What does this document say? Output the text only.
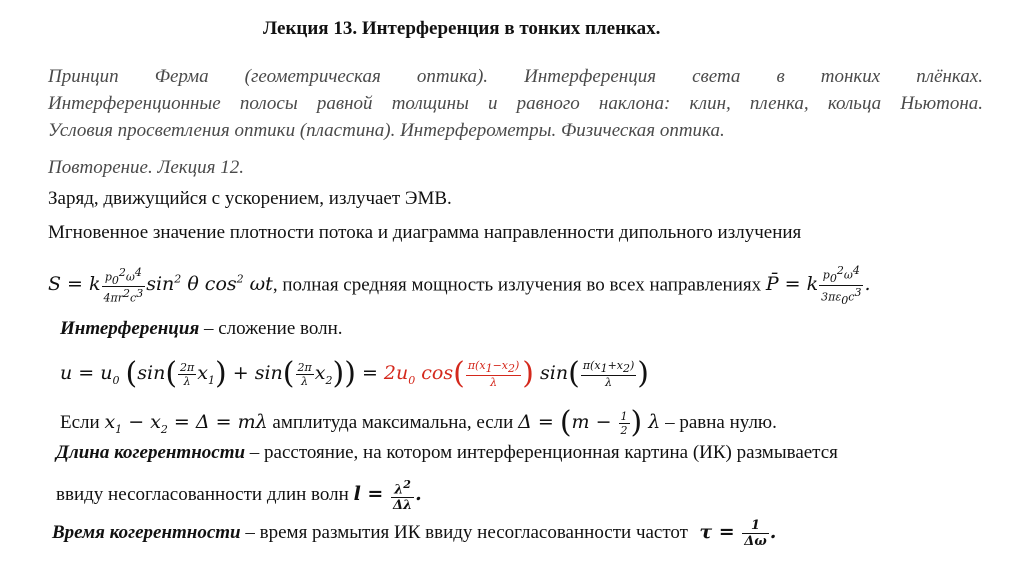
Лекция 13. Интерференция в тонких пленках.
Принцип Ферма (геометрическая оптика). Интерференция света в тонких плёнках.
Интерференционные полосы равной толщины и равного наклона: клин, пленка, кольца Ньютона.
Условия просветления оптики (пластина). Интерферометры. Физическая оптика.
Повторение. Лекция 12.
Заряд, движущийся с ускорением, излучает ЭМВ.
Мгновенное значение плотности потока и диаграмма направленности дипольного излучения
S = k $\frac{p_0^2\omega^4}{4\pi r^2c^3} \sin^2 \theta$ $\cos^2 \omega t$, полная средняя мощность излучения во всех направлениях P̄ = k $\frac{p_0^2\omega^4}{3\pi\varepsilon_0c^3}$ .
Интерференция – сложение волн.
$u = u_0$ $(\sin( \frac{2\pi}{\lambda} x_1) + \sin( \frac{2\pi}{\lambda} x_2)) = 2u_0$ $\cos( \frac{\pi(x_1-x_2)}{\lambda}$ ) $\sin( \frac{\pi(x_1+x_2)}{\lambda}$ )
Если $x_1 - x_2 = \Delta = m\lambda$ амплитуда максимальна, если $\Delta = (m - \frac{1}{2}$ ) λ – равна нулю.
Длина когерентности – расстояние, на котором интерференционная картина (ИК) размывается
ввиду несогласованности длин волн $l = \frac{\lambda^2}{\Delta\lambda}$ .
Время когерентности – время размытия ИК ввиду несогласованности частот  $\tau = \frac{1}{\Delta\omega}$ .
